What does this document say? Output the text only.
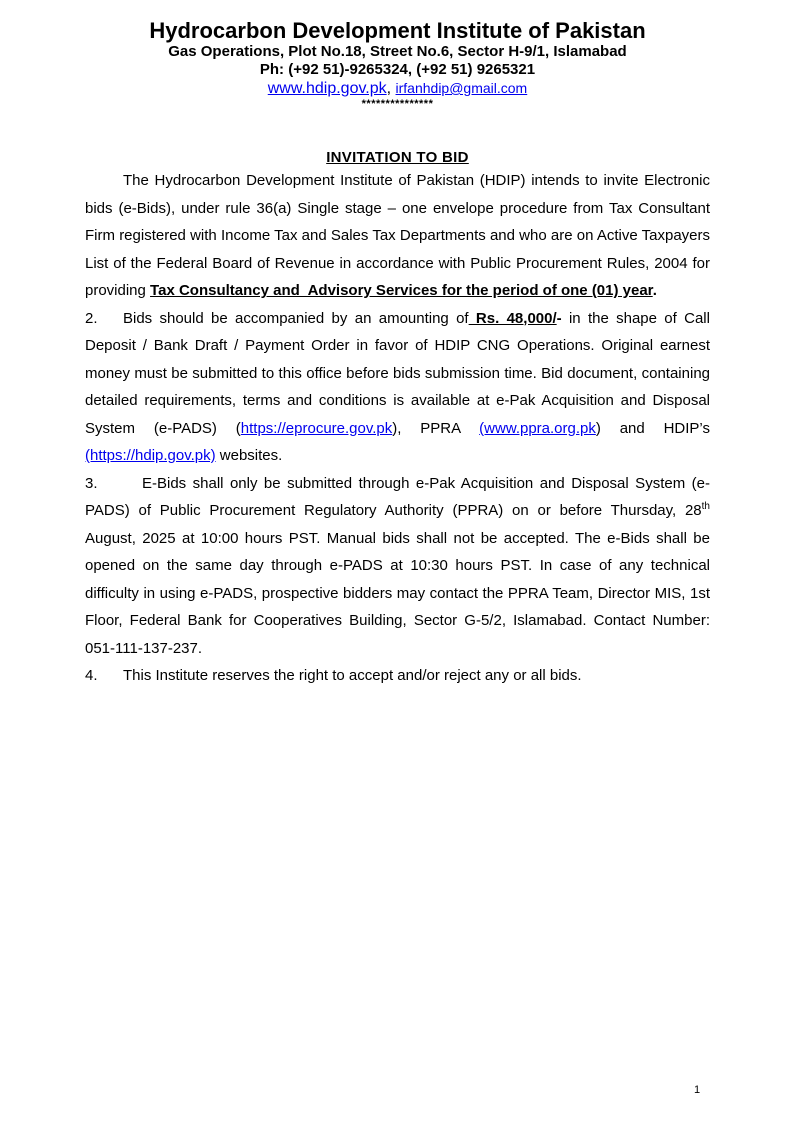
Hydrocarbon Development Institute of Pakistan
Gas Operations, Plot No.18, Street No.6, Sector H-9/1, Islamabad
Ph: (+92 51)-9265324, (+92 51) 9265321
www.hdip.gov.pk, irfanhdip@gmail.com
***************
INVITATION TO BID

The Hydrocarbon Development Institute of Pakistan (HDIP) intends to invite Electronic bids (e-Bids), under rule 36(a) Single stage – one envelope procedure from Tax Consultant Firm registered with Income Tax and Sales Tax Departments and who are on Active Taxpayers List of the Federal Board of Revenue in accordance with Public Procurement Rules, 2004 for providing Tax Consultancy and  Advisory Services for the period of one (01) year.

2. Bids should be accompanied by an amounting of Rs. 48,000/- in the shape of Call Deposit / Bank Draft / Payment Order in favor of HDIP CNG Operations. Original earnest money must be submitted to this office before bids submission time. Bid document, containing detailed requirements, terms and conditions is available at e-Pak Acquisition and Disposal System (e-PADS) (https://eprocure.gov.pk), PPRA (www.ppra.org.pk) and HDIP’s (https://hdip.gov.pk) websites.

3.	E-Bids shall only be submitted through e-Pak Acquisition and Disposal System (e-PADS) of Public Procurement Regulatory Authority (PPRA) on or before Thursday, 28th August, 2025 at 10:00 hours PST. Manual bids shall not be accepted. The e-Bids shall be opened on the same day through e-PADS at 10:30 hours PST. In case of any technical difficulty in using e-PADS, prospective bidders may contact the PPRA Team, Director MIS, 1st Floor, Federal Bank for Cooperatives Building, Sector G-5/2, Islamabad. Contact Number: 051-111-137-237.

4. This Institute reserves the right to accept and/or reject any or all bids.

1
